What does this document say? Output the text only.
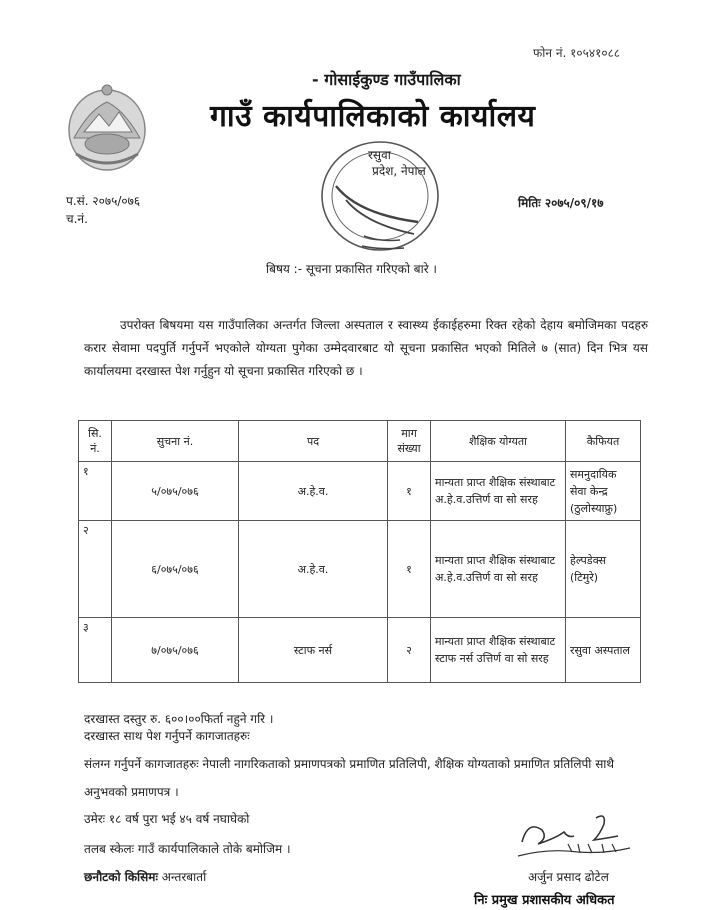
फोन नं. १०५४१०८८
- गोसाईकुण्ड गाउँपालिका
गाउँ कार्यपालिकाको कार्यालय
रसुवा
प्रदेश, नेपाल
प.सं. २०७५/०७६
च.नं.
मितिः २०७५/०९/१७
बिषय :- सूचना प्रकासित गरिएको बारे ।
उपरोक्त बिषयमा यस गाउँपालिका अन्तर्गत जिल्ला अस्पताल र स्वास्थ्य ईकाईहरुमा रिक्त रहेको देहाय बमोजिमका पदहरु करार सेवामा पदपुर्ति गर्नुपर्ने भएकोले योग्यता पुगेका उम्मेदवारबाट यो सूचना प्रकासित भएको मितिले ७ (सात) दिन भित्र यस कार्यालयमा दरखास्त पेश गर्नुहुन यो सूचना प्रकासित गरिएको छ ।
सि. नं.	सुचना नं.	पद	माग संख्या	शैक्षिक योग्यता	कैफियत
१	५/०७५/०७६	अ.हे.व.	१	मान्यता प्राप्त शैक्षिक संस्थाबाट अ.हे.व.उत्तिर्ण वा सो सरह	समनुदायिक सेवा केन्द्र (ठुलोस्याफ्रु)
२	६/०७५/०७६	अ.हे.व.	१	मान्यता प्राप्त शैक्षिक संस्थाबाट अ.हे.व.उत्तिर्ण वा सो सरह	हेल्पडेक्स (टिमुरे)
३	७/०७५/०७६	स्टाफ नर्स	२	मान्यता प्राप्त शैक्षिक संस्थाबाट स्टाफ नर्स उत्तिर्ण वा सो सरह	रसुवा अस्पताल
दरखास्त दस्तुर रु. ६००।००फिर्ता नहुने गरि ।
दरखास्त साथ पेश गर्नुपर्ने कागजातहरुः
संलग्न गर्नुपर्ने कागजातहरुः नेपाली नागरिकताको प्रमाणपत्रको प्रमाणित प्रतिलिपी, शैक्षिक योग्यताको प्रमाणित प्रतिलिपी साथै अनुभवको प्रमाणपत्र ।
उमेरः १८ वर्ष पुरा भई ४५ वर्ष नघाघेको
तलब स्केलः गाउँ कार्यपालिकाले तोके बमोजिम ।
छनौटको किसिमः अन्तरबार्ता	अर्जुन प्रसाद ढोटेल
निः प्रमुख प्रशासकीय अधिकत
